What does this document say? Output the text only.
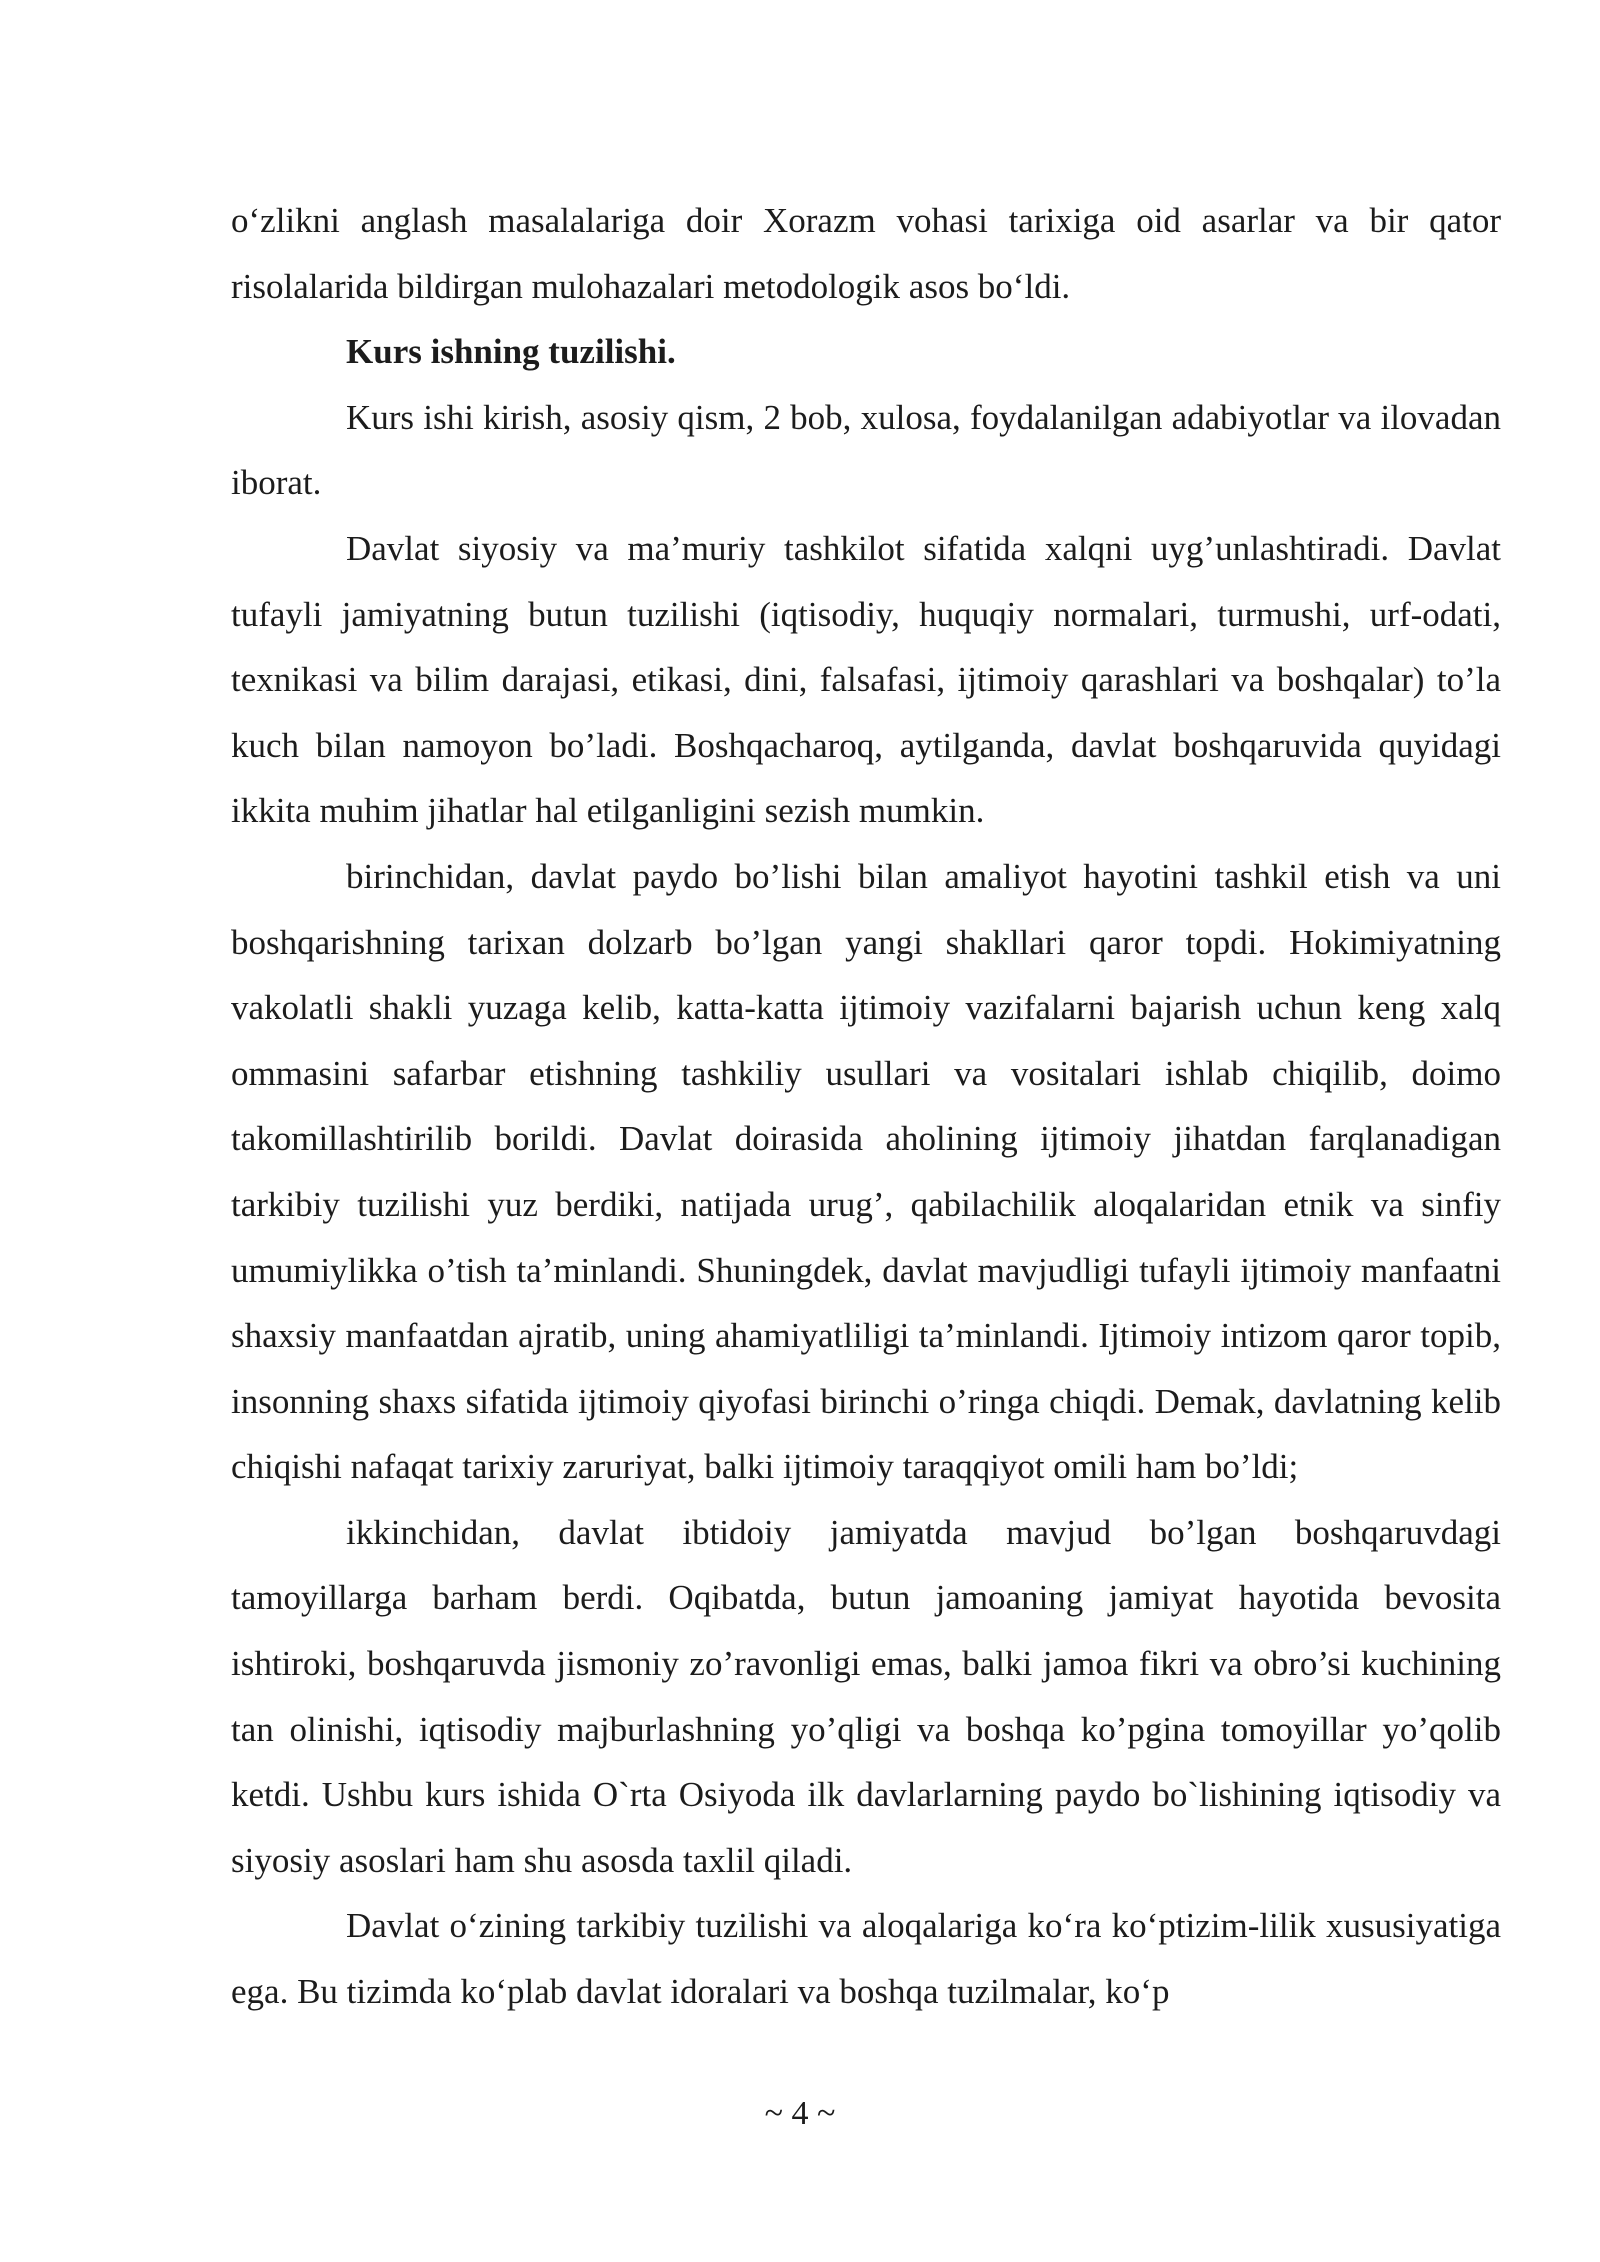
o‘zlikni anglash masalalariga doir Xorazm vohasi tarixiga oid asarlar va bir qator risolalarida bildirgan mulohazalari metodologik asos bo‘ldi.

Kurs ishning tuzilishi.

Kurs ishi kirish, asosiy qism, 2 bob, xulosa, foydalanilgan adabiyotlar va ilovadan iborat.

Davlat siyosiy va ma’muriy tashkilot sifatida xalqni uyg’unlashtiradi. Davlat tufayli jamiyatning butun tuzilishi (iqtisodiy, huquqiy normalari, turmushi, urf-odati, texnikasi va bilim darajasi, etikasi, dini, falsafasi, ijtimoiy qarashlari va boshqalar) to’la kuch bilan namoyon bo’ladi. Boshqacharoq, aytilganda, davlat boshqaruvida quyidagi ikkita muhim jihatlar hal etilganligini sezish mumkin.

birinchidan, davlat paydo bo’lishi bilan amaliyot hayotini tashkil etish va uni boshqarishning tarixan dolzarb bo’lgan yangi shakllari qaror topdi. Hokimiyatning vakolatli shakli yuzaga kelib, katta-katta ijtimoiy vazifalarni bajarish uchun keng xalq ommasini safarbar etishning tashkiliy usullari va vositalari ishlab chiqilib, doimo takomillashtirilib borildi. Davlat doirasida aholining ijtimoiy jihatdan farqlanadigan tarkibiy tuzilishi yuz berdiki, natijada urug’, qabilachilik aloqalaridan etnik va sinfiy umumiylikka o’tish ta’minlandi. Shuningdek, davlat mavjudligi tufayli ijtimoiy manfaatni shaxsiy manfaatdan ajratib, uning ahamiyatliligi ta’minlandi. Ijtimoiy intizom qaror topib, insonning shaxs sifatida ijtimoiy qiyofasi birinchi o’ringa chiqdi. Demak, davlatning kelib chiqishi nafaqat tarixiy zaruriyat, balki ijtimoiy taraqqiyot omili ham bo’ldi;

ikkinchidan, davlat ibtidoiy jamiyatda mavjud bo’lgan boshqaruvdagi tamoyillarga barham berdi. Oqibatda, butun jamoaning jamiyat hayotida bevosita ishtiroki, boshqaruvda jismoniy zo’ravonligi emas, balki jamoa fikri va obro’si kuchining tan olinishi, iqtisodiy majburlashning yo’qligi va boshqa ko’pgina tomoyillar yo’qolib ketdi. Ushbu kurs ishida O`rta Osiyoda ilk davlarlarning paydo bo`lishining iqtisodiy va siyosiy asoslari ham shu asosda taxlil qiladi.

Davlat o‘zining tarkibiy tuzilishi va aloqalariga ko‘ra ko‘ptizim-lilik xususiyatiga ega. Bu tizimda ko‘plab davlat idoralari va boshqa tuzilmalar, ko‘p

~ 4 ~
